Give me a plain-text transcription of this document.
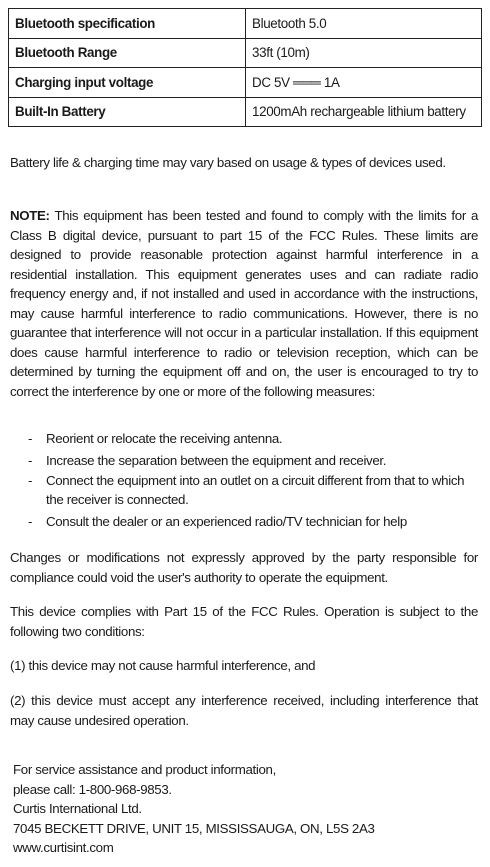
Bluetooth specification	Bluetooth 5.0
Bluetooth Range	33ft (10m)
Charging input voltage	DC 5V ═══ 1A
Built-In Battery	1200mAh rechargeable lithium battery

Battery life & charging time may vary based on usage & types of devices used.

NOTE: This equipment has been tested and found to comply with the limits for a Class B digital device, pursuant to part 15 of the FCC Rules. These limits are designed to provide reasonable protection against harmful interference in a residential installation. This equipment generates uses and can radiate radio frequency energy and, if not installed and used in accordance with the instructions, may cause harmful interference to radio communications. However, there is no guarantee that interference will not occur in a particular installation. If this equipment does cause harmful interference to radio or television reception, which can be determined by turning the equipment off and on, the user is encouraged to try to correct the interference by one or more of the following measures:

- Reorient or relocate the receiving antenna.
- Increase the separation between the equipment and receiver.
- Connect the equipment into an outlet on a circuit different from that to which the receiver is connected.
- Consult the dealer or an experienced radio/TV technician for help

Changes or modifications not expressly approved by the party responsible for compliance could void the user's authority to operate the equipment.

This device complies with Part 15 of the FCC Rules. Operation is subject to the following two conditions:

(1) this device may not cause harmful interference, and

(2) this device must accept any interference received, including interference that may cause undesired operation.

For service assistance and product information,
please call: 1-800-968-9853.
Curtis International Ltd.
7045 BECKETT DRIVE, UNIT 15, MISSISSAUGA, ON, L5S 2A3
www.curtisint.com
